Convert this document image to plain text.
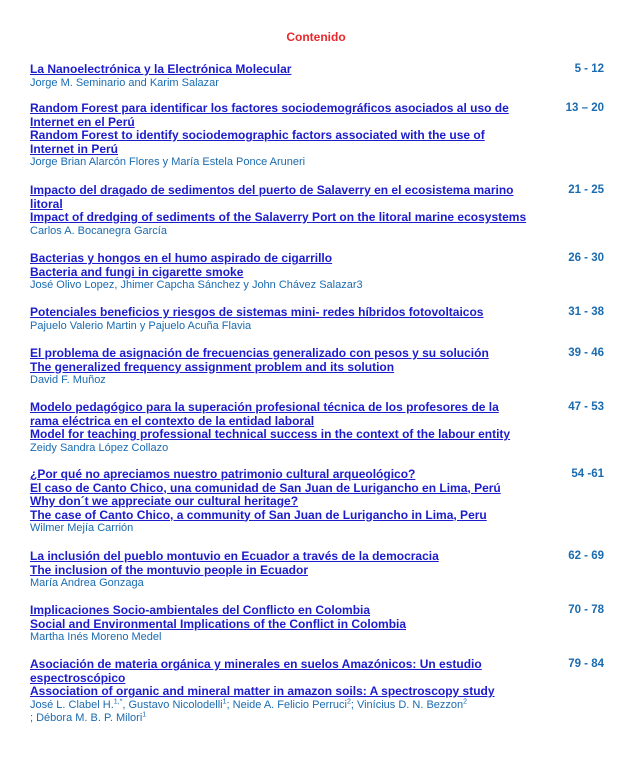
Contenido
La Nanoelectrónica y la Electrónica Molecular
Jorge M. Seminario and Karim Salazar
5 - 12
Random Forest para identificar los factores sociodemográficos asociados al uso de Internet en el Perú
Random Forest to identify sociodemographic factors associated with the use of Internet in Perú
Jorge Brian Alarcón Flores y María Estela Ponce Aruneri
13 – 20
Impacto del dragado de sedimentos del puerto de Salaverry en el ecosistema marino litoral
Impact of dredging of sediments of the Salaverry Port on the litoral marine ecosystems
Carlos A. Bocanegra García
21 - 25
Bacterias y hongos en el humo aspirado de cigarrillo
Bacteria and fungi in cigarette smoke
José Olivo Lopez, Jhimer Capcha Sánchez y John Chávez Salazar3
26 - 30
Potenciales beneficios y riesgos de sistemas mini- redes híbridos fotovoltaicos
Pajuelo Valerio Martin y Pajuelo Acuña Flavia
31 - 38
El problema de asignación de frecuencias generalizado con pesos y su solución
The generalized frequency assignment problem and its solution
David F. Muñoz
39 - 46
Modelo pedagógico para la superación profesional técnica de los profesores de la rama eléctrica en el contexto de la entidad laboral
Model for teaching professional technical success in the context of the labour entity
Zeidy Sandra López Collazo
47 - 53
¿Por qué no apreciamos nuestro patrimonio cultural arqueológico?
El caso de Canto Chico, una comunidad de San Juan de Lurigancho en Lima, Perú
Why don´t we appreciate our cultural heritage?
The case of Canto Chico, a community of San Juan de Lurigancho in Lima, Peru
Wilmer Mejía Carrión
54 -61
La inclusión del pueblo montuvio en Ecuador a través de la democracia
The inclusion of the montuvio people in Ecuador
María Andrea Gonzaga
62 - 69
Implicaciones Socio-ambientales del Conflicto en Colombia
Social and Environmental Implications of the Conflict in Colombia
Martha Inés Moreno Medel
70 - 78
Asociación de materia orgánica y minerales en suelos Amazónicos: Un estudio espectroscópico
Association of organic and mineral matter in amazon soils: A spectroscopy study
José L. Clabel H.$^{1,*}$, Gustavo Nicolodelli$^1$; Neide A. Felicio Perruci$^2$; Vinícius D. N. Bezzon$^2$
; Débora M. B. P. Milori$^1$
79 - 84
